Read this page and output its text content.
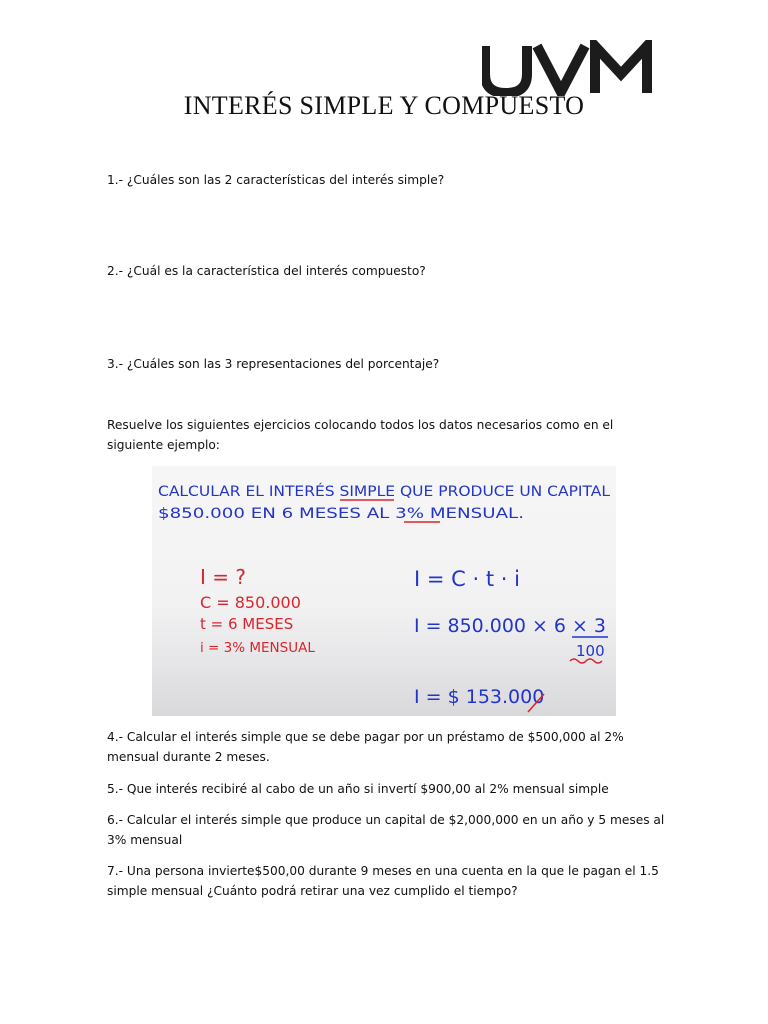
INTERÉS SIMPLE Y COMPUESTO
1.- ¿Cuáles son las 2 características del interés simple?
2.- ¿Cuál es la característica del interés compuesto?
3.- ¿Cuáles son las 3 representaciones del porcentaje?
Resuelve los siguientes ejercicios colocando todos los datos necesarios como en el siguiente ejemplo:
CALCULAR EL INTERÉS SIMPLE QUE PRODUCE UN CAPITAL
$850.000 EN 6 MESES AL 3% MENSUAL.
I = ?
C = 850.000
t = 6 MESES
i = 3% MENSUAL
I = C · t · i
I = 850.000 × 6 × 3
100
I = $ 153.000
4.- Calcular el interés simple que se debe pagar por un préstamo de $500,000 al 2% mensual durante 2 meses.
5.- Que interés recibiré al cabo de un año si invertí $900,00 al 2% mensual simple
6.- Calcular el interés simple que produce un capital de $2,000,000 en un año y 5 meses al 3% mensual
7.- Una persona invierte$500,00 durante 9 meses en una cuenta en la que le pagan el 1.5 simple mensual ¿Cuánto podrá retirar una vez cumplido el tiempo?
